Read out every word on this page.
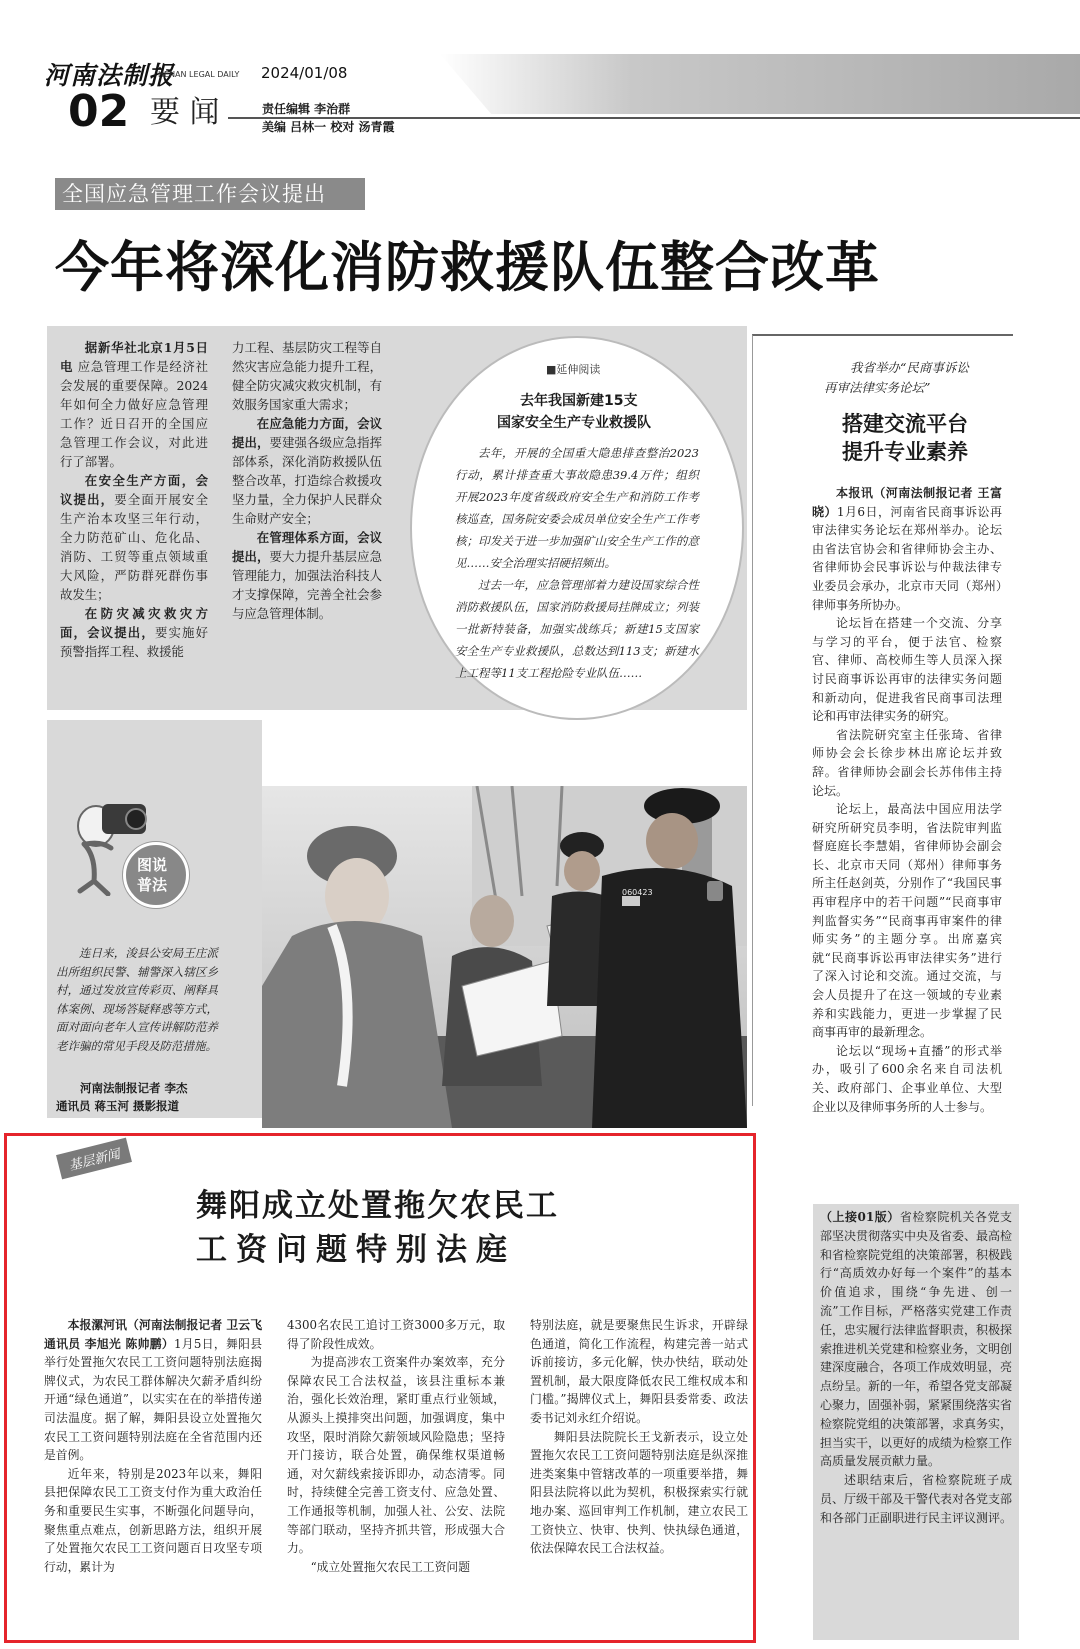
河南法制报
HENAN LEGAL DAILY 2024/01/08
02 要 闻	责任编辑 李治群
美编 吕林一 校对 汤青霞
全国应急管理工作会议提出
今年将深化消防救援队伍整合改革

据新华社北京1月5日电 应急管理工作是经济社会发展的重要保障。2024年如何全力做好应急管理工作？近日召开的全国应急管理工作会议，对此进行了部署。

在安全生产方面，会议提出，要全面开展安全生产治本攻坚三年行动，全力防范矿山、危化品、消防、工贸等重点领域重大风险，严防群死群伤事故发生；

在防灾减灾救灾方面，会议提出，要实施好预警指挥工程、救援能

力工程、基层防灾工程等自然灾害应急能力提升工程，健全防灾减灾救灾机制，有效服务国家重大需求；

在应急能力方面，会议提出，要建强各级应急指挥部体系，深化消防救援队伍整合改革，打造综合救援攻坚力量，全力保护人民群众生命财产安全；

在管理体系方面，会议提出，要大力提升基层应急管理能力，加强法治科技人才支撑保障，完善全社会参与应急管理体制。

■延伸阅读
去年我国新建15支
国家安全生产专业救援队

去年，开展的全国重大隐患排查整治2023行动，累计排查重大事故隐患39.4万件；组织开展2023年度省级政府安全生产和消防工作考核巡查，国务院安委会成员单位安全生产工作考核；印发关于进一步加强矿山安全生产工作的意见……安全治理实招硬招频出。

过去一年，应急管理部着力建设国家综合性消防救援队伍，国家消防救援局挂牌成立；列装一批新特装备，加强实战练兵；新建15支国家安全生产专业救援队，总数达到113支；新建水上工程等11支工程抢险专业队伍……

我省举办“民商事诉讼
再审法律实务论坛”
搭建交流平台
提升专业素养

本报讯（河南法制报记者 王富晓）1月6日，河南省民商事诉讼再审法律实务论坛在郑州举办。论坛由省法官协会和省律师协会主办、省律师协会民事诉讼与仲裁法律专业委员会承办，北京市天同（郑州）律师事务所协办。

论坛旨在搭建一个交流、分享与学习的平台，便于法官、检察官、律师、高校师生等人员深入探讨民商事诉讼再审的法律实务问题和新动向，促进我省民商事司法理论和再审法律实务的研究。

省法院研究室主任张琦、省律师协会会长徐步林出席论坛并致辞。省律师协会副会长苏伟伟主持论坛。

论坛上，最高法中国应用法学研究所研究员李明，省法院审判监督庭庭长李慧娟，省律师协会副会长、北京市天同（郑州）律师事务所主任赵剑英，分别作了“我国民事再审程序中的若干问题”“民商事审判监督实务”“民商事再审案件的律师实务”的主题分享。出席嘉宾就“民商事诉讼再审法律实务”进行了深入讨论和交流。通过交流，与会人员提升了在这一领域的专业素养和实践能力，更进一步掌握了民商事再审的最新理念。

论坛以“现场+直播”的形式举办，吸引了600余名来自司法机关、政府部门、企事业单位、大型企业以及律师事务所的人士参与。

图说
普法

连日来，浚县公安局王庄派出所组织民警、辅警深入辖区乡村，通过发放宣传彩页、阐释具体案例、现场答疑释惑等方式，面对面向老年人宣传讲解防范养老诈骗的常见手段及防范措施。

河南法制报记者 李杰
通讯员 蒋玉河 摄影报道
060423
基层新闻
舞阳成立处置拖欠农民工
工资问题特别法庭

本报漯河讯（河南法制报记者 卫云飞 通讯员 李旭光 陈帅鹏）1月5日，舞阳县举行处置拖欠农民工工资问题特别法庭揭牌仪式，为农民工群体解决欠薪矛盾纠纷开通“绿色通道”，以实实在在的举措传递司法温度。据了解，舞阳县设立处置拖欠农民工工资问题特别法庭在全省范围内还是首例。

近年来，特别是2023年以来，舞阳县把保障农民工工资支付作为重大政治任务和重要民生实事，不断强化问题导向，聚焦重点难点，创新思路方法，组织开展了处置拖欠农民工工资问题百日攻坚专项行动，累计为

4300名农民工追讨工资3000多万元，取得了阶段性成效。

为提高涉农工资案件办案效率，充分保障农民工合法权益，该县注重标本兼治，强化长效治理，紧盯重点行业领域，从源头上摸排突出问题，加强调度，集中攻坚，限时消除欠薪领域风险隐患；坚持开门接访，联合处置，确保维权渠道畅通，对欠薪线索接诉即办，动态清零。同时，持续健全完善工资支付、应急处置、工作通报等机制，加强人社、公安、法院等部门联动，坚持齐抓共管，形成强大合力。

“成立处置拖欠农民工工资问题

特别法庭，就是要聚焦民生诉求，开辟绿色通道，简化工作流程，构建完善一站式诉前接访，多元化解，快办快结，联动处置机制，最大限度降低农民工维权成本和门槛。”揭牌仪式上，舞阳县委常委、政法委书记刘永红介绍说。

舞阳县法院院长王戈新表示，设立处置拖欠农民工工资问题特别法庭是纵深推进类案集中管辖改革的一项重要举措，舞阳县法院将以此为契机，积极探索实行就地办案、巡回审判工作机制，建立农民工工资快立、快审、快判、快执绿色通道，依法保障农民工合法权益。

（上接01版）省检察院机关各党支部坚决贯彻落实中央及省委、最高检和省检察院党组的决策部署，积极践行“高质效办好每一个案件”的基本价值追求，围绕“争先进、创一流”工作目标，严格落实党建工作责任，忠实履行法律监督职责，积极探索推进机关党建和检察业务，文明创建深度融合，各项工作成效明显，亮点纷呈。新的一年，希望各党支部凝心聚力，固强补弱，紧紧围绕落实省检察院党组的决策部署，求真务实，担当实干，以更好的成绩为检察工作高质量发展贡献力量。

述职结束后，省检察院班子成员、厅级干部及干警代表对各党支部和各部门正副职进行民主评议测评。
